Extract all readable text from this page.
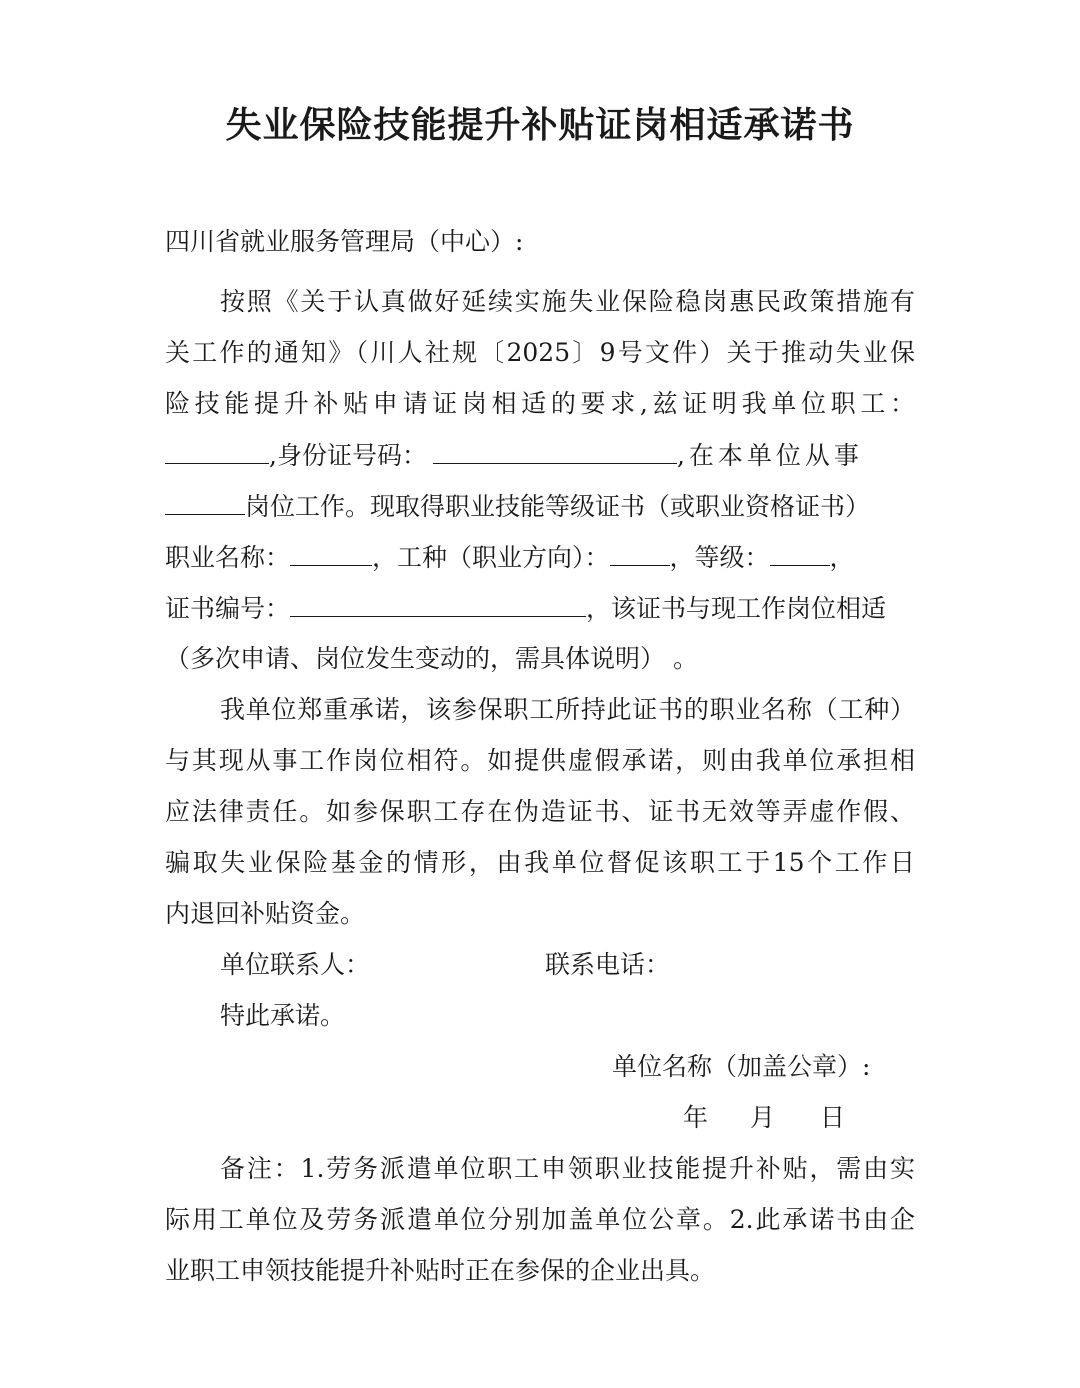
失业保险技能提升补贴证岗相适承诺书
四川省就业服务管理局（中心）:
按照《关于认真做好延续实施失业保险稳岗惠民政策措施有
关工作的通知》（川人社规〔2025〕9号文件）关于推动失业保
险技能提升补贴申请证岗相适的要求,兹证明我单位职工：
,身份证号码：	,在本单位从事
岗位工作。现取得职业技能等级证书（或职业资格证书）
职业名称：	，工种（职业方向）： ，等级： ，
证书编号：	，该证书与现工作岗位相适
（多次申请、岗位发生变动的，需具体说明） 。
我单位郑重承诺，该参保职工所持此证书的职业名称（工种）
与其现从事工作岗位相符。如提供虚假承诺，则由我单位承担相
应法律责任。如参保职工存在伪造证书、证书无效等弄虚作假、
骗取失业保险基金的情形，由我单位督促该职工于15个工作日
内退回补贴资金。
单位联系人：	联系电话：
特此承诺。
单位名称（加盖公章）:
年 月 日
备注：1.劳务派遣单位职工申领职业技能提升补贴，需由实
际用工单位及劳务派遣单位分别加盖单位公章。2.此承诺书由企
业职工申领技能提升补贴时正在参保的企业出具。
